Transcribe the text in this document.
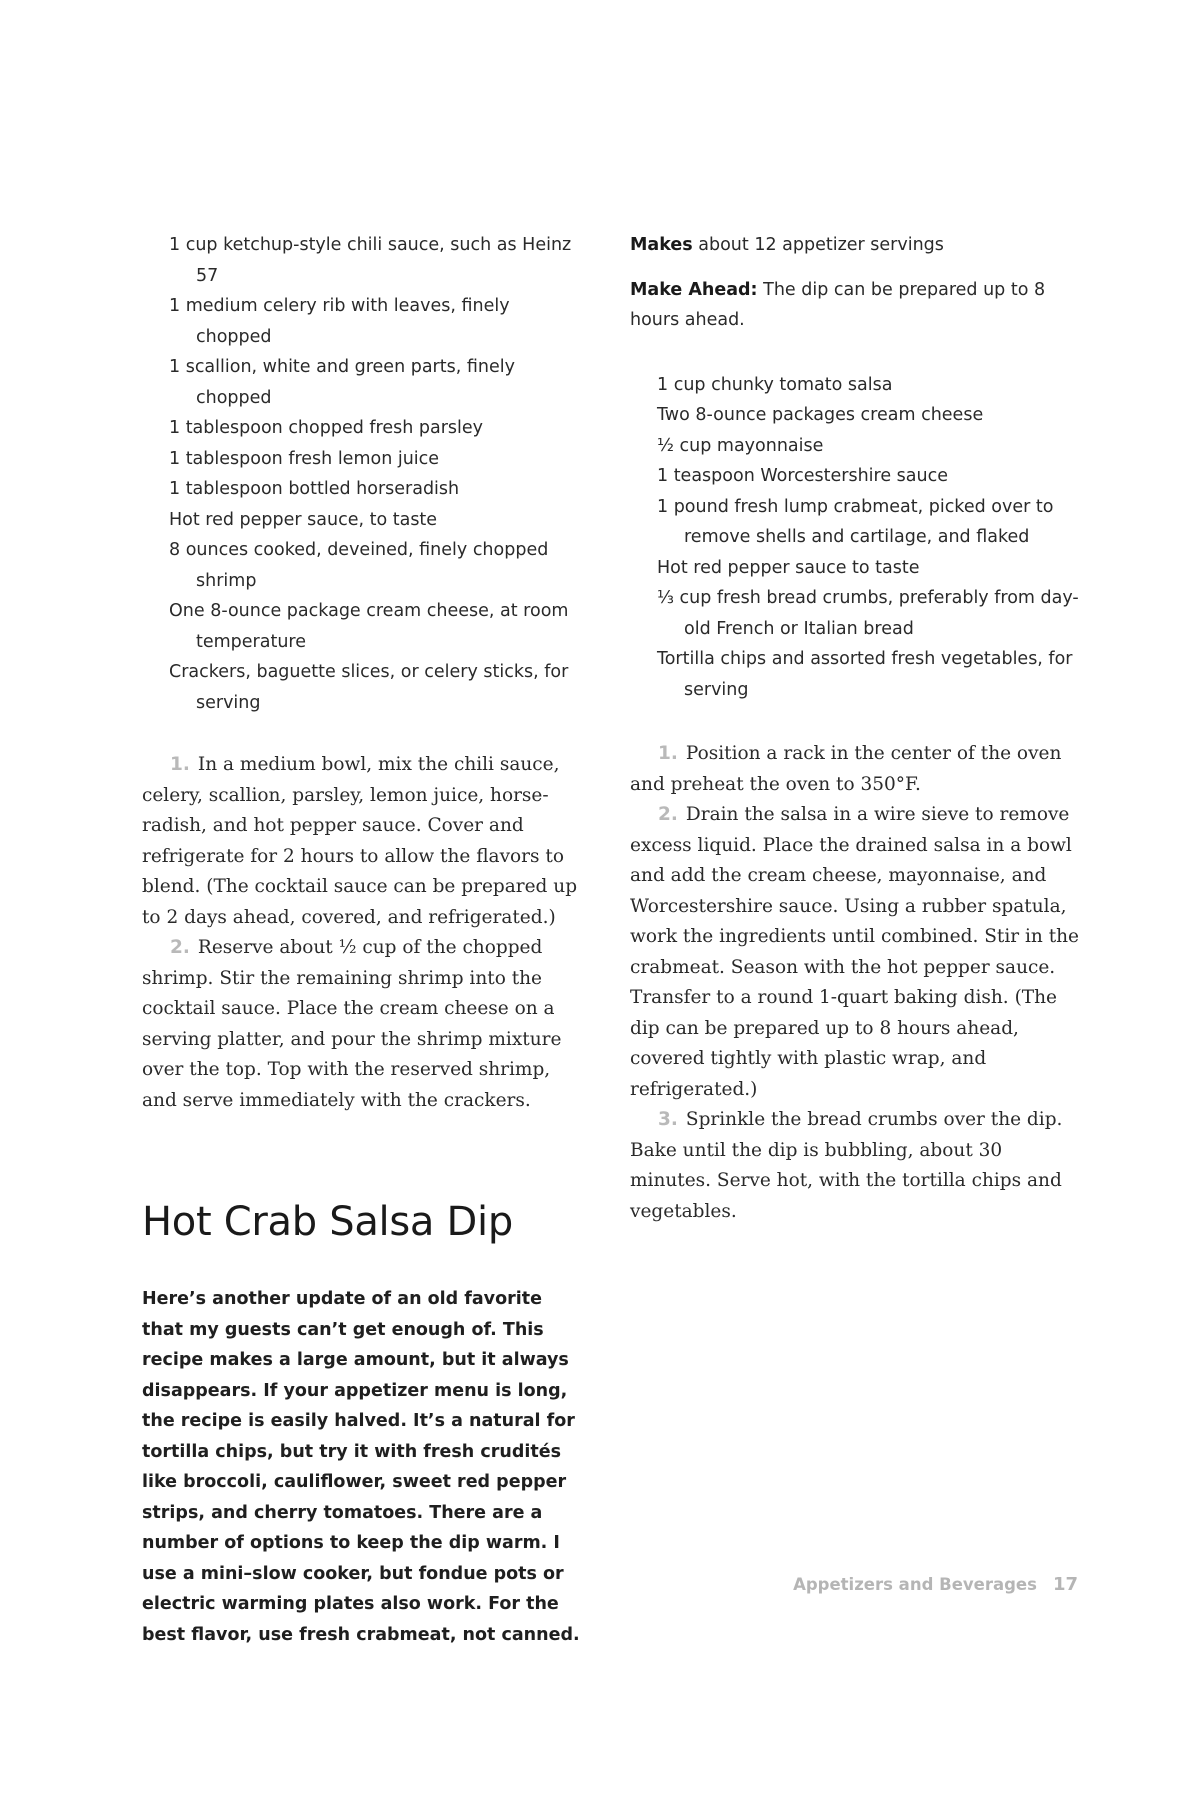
1 cup ketchup-style chili sauce, such as Heinz 57
1 medium celery rib with leaves, finely chopped
1 scallion, white and green parts, finely chopped
1 tablespoon chopped fresh parsley
1 tablespoon fresh lemon juice
1 tablespoon bottled horseradish
Hot red pepper sauce, to taste
8 ounces cooked, deveined, finely chopped shrimp
One 8-ounce package cream cheese, at room temperature
Crackers, baguette slices, or celery sticks, for serving

1. In a medium bowl, mix the chili sauce, celery, scallion, parsley, lemon juice, horse-radish, and hot pepper sauce. Cover and refrigerate for 2 hours to allow the flavors to blend. (The cocktail sauce can be prepared up to 2 days ahead, covered, and refrigerated.)

2. Reserve about ½ cup of the chopped shrimp. Stir the remaining shrimp into the cocktail sauce. Place the cream cheese on a serving platter, and pour the shrimp mixture over the top. Top with the reserved shrimp, and serve immediately with the crackers.

Hot Crab Salsa Dip

Here’s another update of an old favorite that my guests can’t get enough of. This recipe makes a large amount, but it always disappears. If your appetizer menu is long, the recipe is easily halved. It’s a natural for tortilla chips, but try it with fresh crudités like broccoli, cauliflower, sweet red pepper strips, and cherry tomatoes. There are a number of options to keep the dip warm. I use a mini–slow cooker, but fondue pots or electric warming plates also work. For the best flavor, use fresh crabmeat, not canned.

Makes about 12 appetizer servings

Make Ahead: The dip can be prepared up to 8 hours ahead.

1 cup chunky tomato salsa
Two 8-ounce packages cream cheese
½ cup mayonnaise
1 teaspoon Worcestershire sauce
1 pound fresh lump crabmeat, picked over to remove shells and cartilage, and flaked
Hot red pepper sauce to taste
⅓ cup fresh bread crumbs, preferably from day-old French or Italian bread
Tortilla chips and assorted fresh vegetables, for serving

1. Position a rack in the center of the oven and preheat the oven to 350°F.

2. Drain the salsa in a wire sieve to remove excess liquid. Place the drained salsa in a bowl and add the cream cheese, mayonnaise, and Worcestershire sauce. Using a rubber spatula, work the ingredients until combined. Stir in the crabmeat. Season with the hot pepper sauce. Transfer to a round 1-quart baking dish. (The dip can be prepared up to 8 hours ahead, covered tightly with plastic wrap, and refrigerated.)

3. Sprinkle the bread crumbs over the dip. Bake until the dip is bubbling, about 30 minutes. Serve hot, with the tortilla chips and vegetables.

Appetizers and Beverages 17
